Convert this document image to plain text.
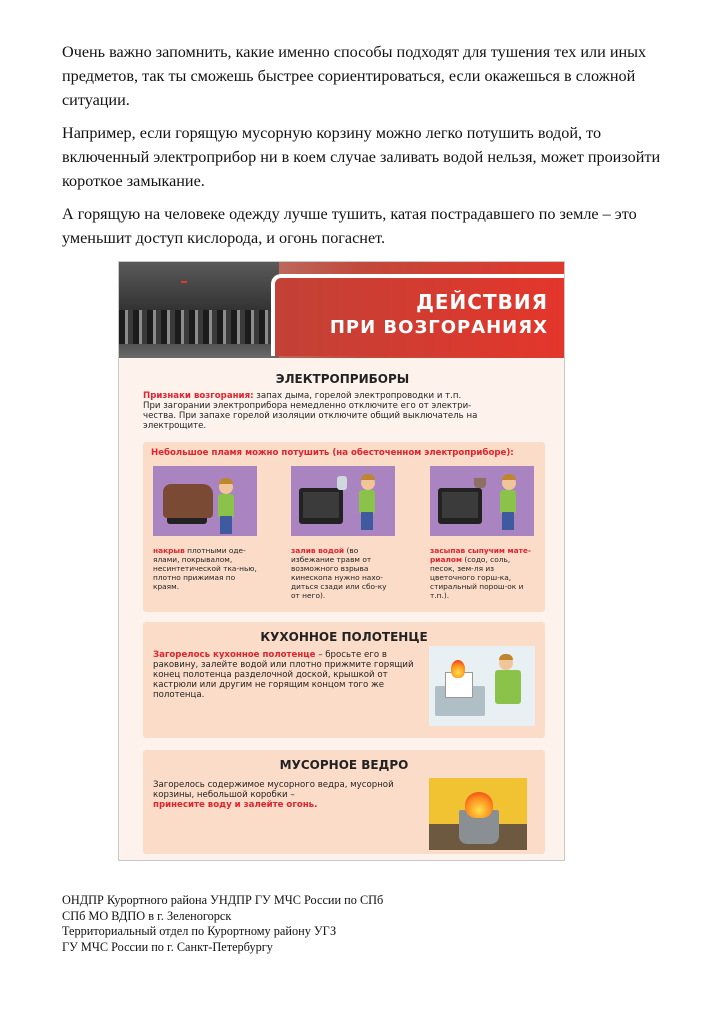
Очень важно запомнить, какие именно способы подходят для тушения тех или иных предметов, так ты сможешь быстрее сориентироваться, если окажешься в сложной ситуации.

Например, если горящую мусорную корзину можно легко потушить водой, то включенный электроприбор ни в коем случае заливать водой нельзя, может произойти короткое замыкание.

А горящую на человеке одежду лучше тушить, катая пострадавшего по земле – это уменьшит доступ кислорода, и огонь погаснет.

ДЕЙСТВИЯ
ПРИ ВОЗГОРАНИЯХ
ЭЛЕКТРОПРИБОРЫ
Признаки возгорания: запах дыма, горелой электропроводки и т.п.
При загорании электроприбора немедленно отключите его от электри-
чества. При запахе горелой изоляции отключите общий выключатель на
электрощите.
Небольшое пламя можно потушить (на обесточенном электроприборе):
накрыв плотными оде-ялами, покрывалом, несинтетической тка-нью, плотно прижимая по краям.
залив водой (во избежание травм от возможного взрыва кинескопа нужно нахо-диться сзади или сбо-ку от него).
засыпав сыпучим мате-риалом (содо, соль, песок, зем-ля из цветочного горш-ка, стиральный порош-ок и т.п.).
КУХОННОЕ ПОЛОТЕНЦЕ
Загорелось кухонное полотенце – бросьте его в раковину, залейте водой или плотно прижмите горящий конец полотенца разделочной доской, крышкой от кастрюли или другим не горящим концом того же полотенца.
МУСОРНОЕ ВЕДРО
Загорелось содержимое мусорного ведра, мусорной корзины, небольшой коробки –
принесите воду и залейте огонь.
ОНДПР Курортного района УНДПР ГУ МЧС России по СПб
СПб МО ВДПО в г. Зеленогорск
Территориальный отдел по Курортному району УГЗ
ГУ МЧС России по г. Санкт-Петербургу
